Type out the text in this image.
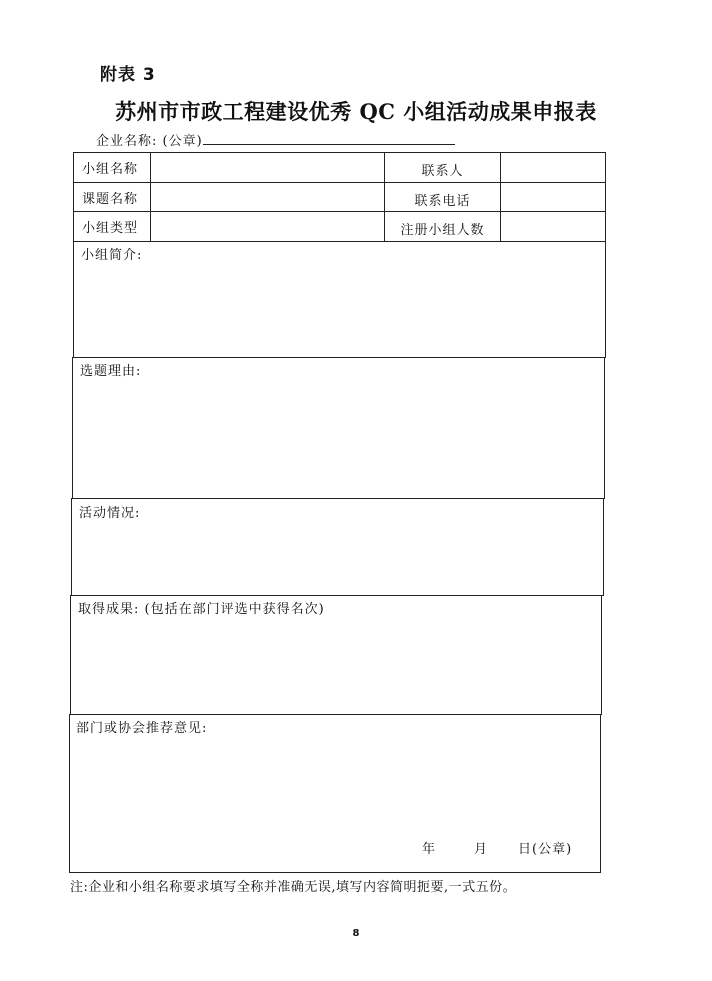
附表 3
苏州市市政工程建设优秀 QC 小组活动成果申报表
企业名称: (公章)
小组名称	联系人
课题名称	联系电话
小组类型	注册小组人数
小组简介:
选题理由:
活动情况:
取得成果: (包括在部门评选中获得名次)
部门或协会推荐意见:
年	月 日(公章)
注:企业和小组名称要求填写全称并准确无误,填写内容简明扼要,一式五份。
8
